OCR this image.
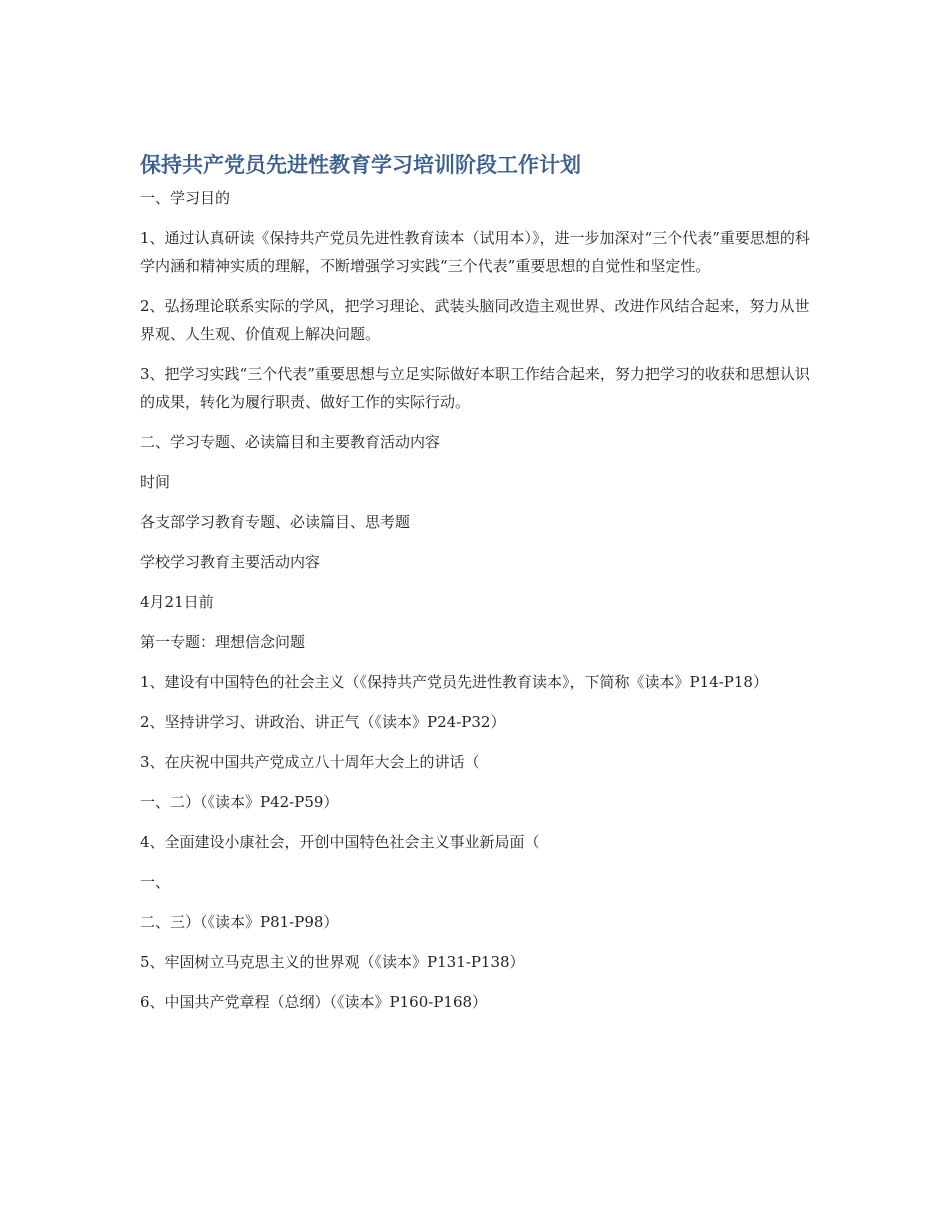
保持共产党员先进性教育学习培训阶段工作计划

一、学习目的

1、通过认真研读《保持共产党员先进性教育读本（试用本）》，进一步加深对“三个代表”重要思想的科学内涵和精神实质的理解，不断增强学习实践“三个代表”重要思想的自觉性和坚定性。

2、弘扬理论联系实际的学风，把学习理论、武装头脑同改造主观世界、改进作风结合起来，努力从世界观、人生观、价值观上解决问题。

3、把学习实践“三个代表”重要思想与立足实际做好本职工作结合起来，努力把学习的收获和思想认识的成果，转化为履行职责、做好工作的实际行动。

二、学习专题、必读篇目和主要教育活动内容

时间

各支部学习教育专题、必读篇目、思考题

学校学习教育主要活动内容

4月21日前

第一专题：理想信念问题

1、建设有中国特色的社会主义（《保持共产党员先进性教育读本》，下简称《读本》P14-P18）

2、坚持讲学习、讲政治、讲正气（《读本》P24-P32）

3、在庆祝中国共产党成立八十周年大会上的讲话（

一、二）（《读本》P42-P59）

4、全面建设小康社会，开创中国特色社会主义事业新局面（

一、

二、三）（《读本》P81-P98）

5、牢固树立马克思主义的世界观（《读本》P131-P138）

6、中国共产党章程（总纲）（《读本》P160-P168）
